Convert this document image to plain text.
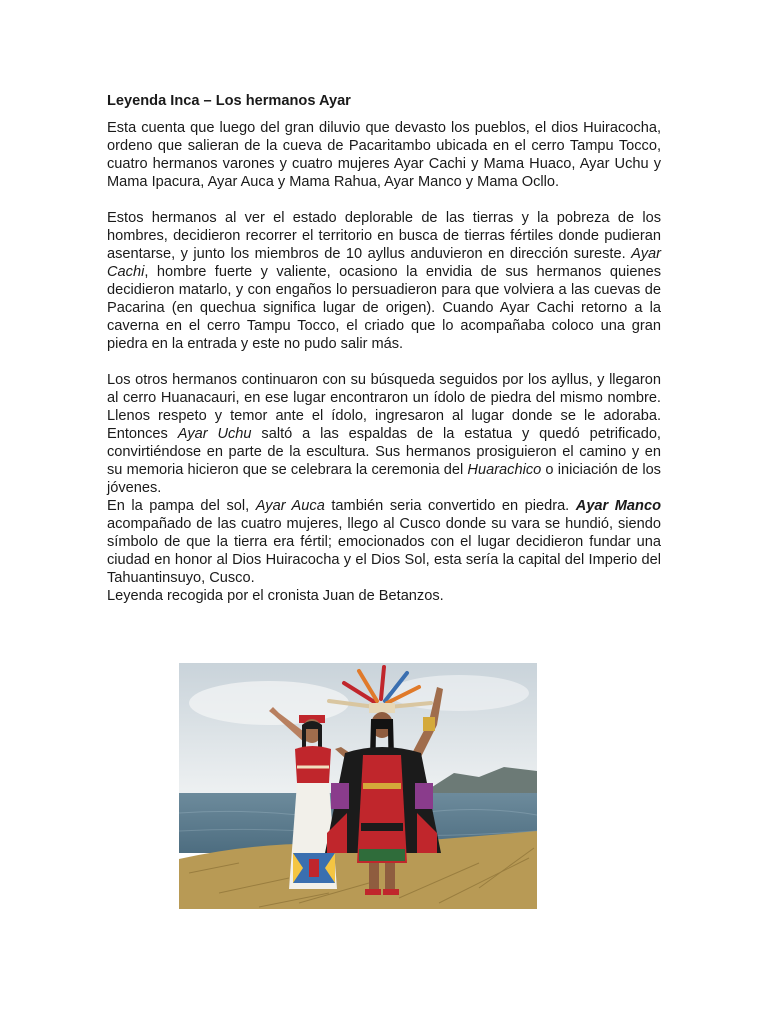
Leyenda Inca – Los hermanos Ayar

Esta cuenta que luego del gran diluvio que devasto los pueblos, el dios Huiracocha, ordeno que salieran de la cueva de Pacaritambo ubicada en el cerro Tampu Tocco, cuatro hermanos varones y cuatro mujeres Ayar Cachi y Mama Huaco, Ayar Uchu y Mama Ipacura, Ayar Auca y Mama Rahua, Ayar Manco y Mama Ocllo.

Estos hermanos al ver el estado deplorable de las tierras y la pobreza de los hombres, decidieron recorrer el territorio en busca de tierras fértiles donde pudieran asentarse, y junto los miembros de 10 ayllus anduvieron en dirección sureste. Ayar Cachi, hombre fuerte y valiente, ocasiono la envidia de sus hermanos quienes decidieron matarlo, y con engaños lo persuadieron para que volviera a las cuevas de Pacarina (en quechua significa lugar de origen). Cuando Ayar Cachi retorno a la caverna en el cerro Tampu Tocco, el criado que lo acompañaba coloco una gran piedra en la entrada y este no pudo salir más.

Los otros hermanos continuaron con su búsqueda seguidos por los ayllus, y llegaron al cerro Huanacauri, en ese lugar encontraron un ídolo de piedra del mismo nombre. Llenos respeto y temor ante el ídolo, ingresaron al lugar donde se le adoraba. Entonces Ayar Uchu saltó a las espaldas de la estatua y quedó petrificado, convirtiéndose en parte de la escultura. Sus hermanos prosiguieron el camino y en su memoria hicieron que se celebrara la ceremonia del Huarachico o iniciación de los jóvenes.

En la pampa del sol, Ayar Auca también seria convertido en piedra. Ayar Manco acompañado de las cuatro mujeres, llego al Cusco donde su vara se hundió, siendo símbolo de que la tierra era fértil; emocionados con el lugar decidieron fundar una ciudad en honor al Dios Huiracocha y el Dios Sol, esta sería la capital del Imperio del Tahuantinsuyo, Cusco.

Leyenda recogida por el cronista Juan de Betanzos.
